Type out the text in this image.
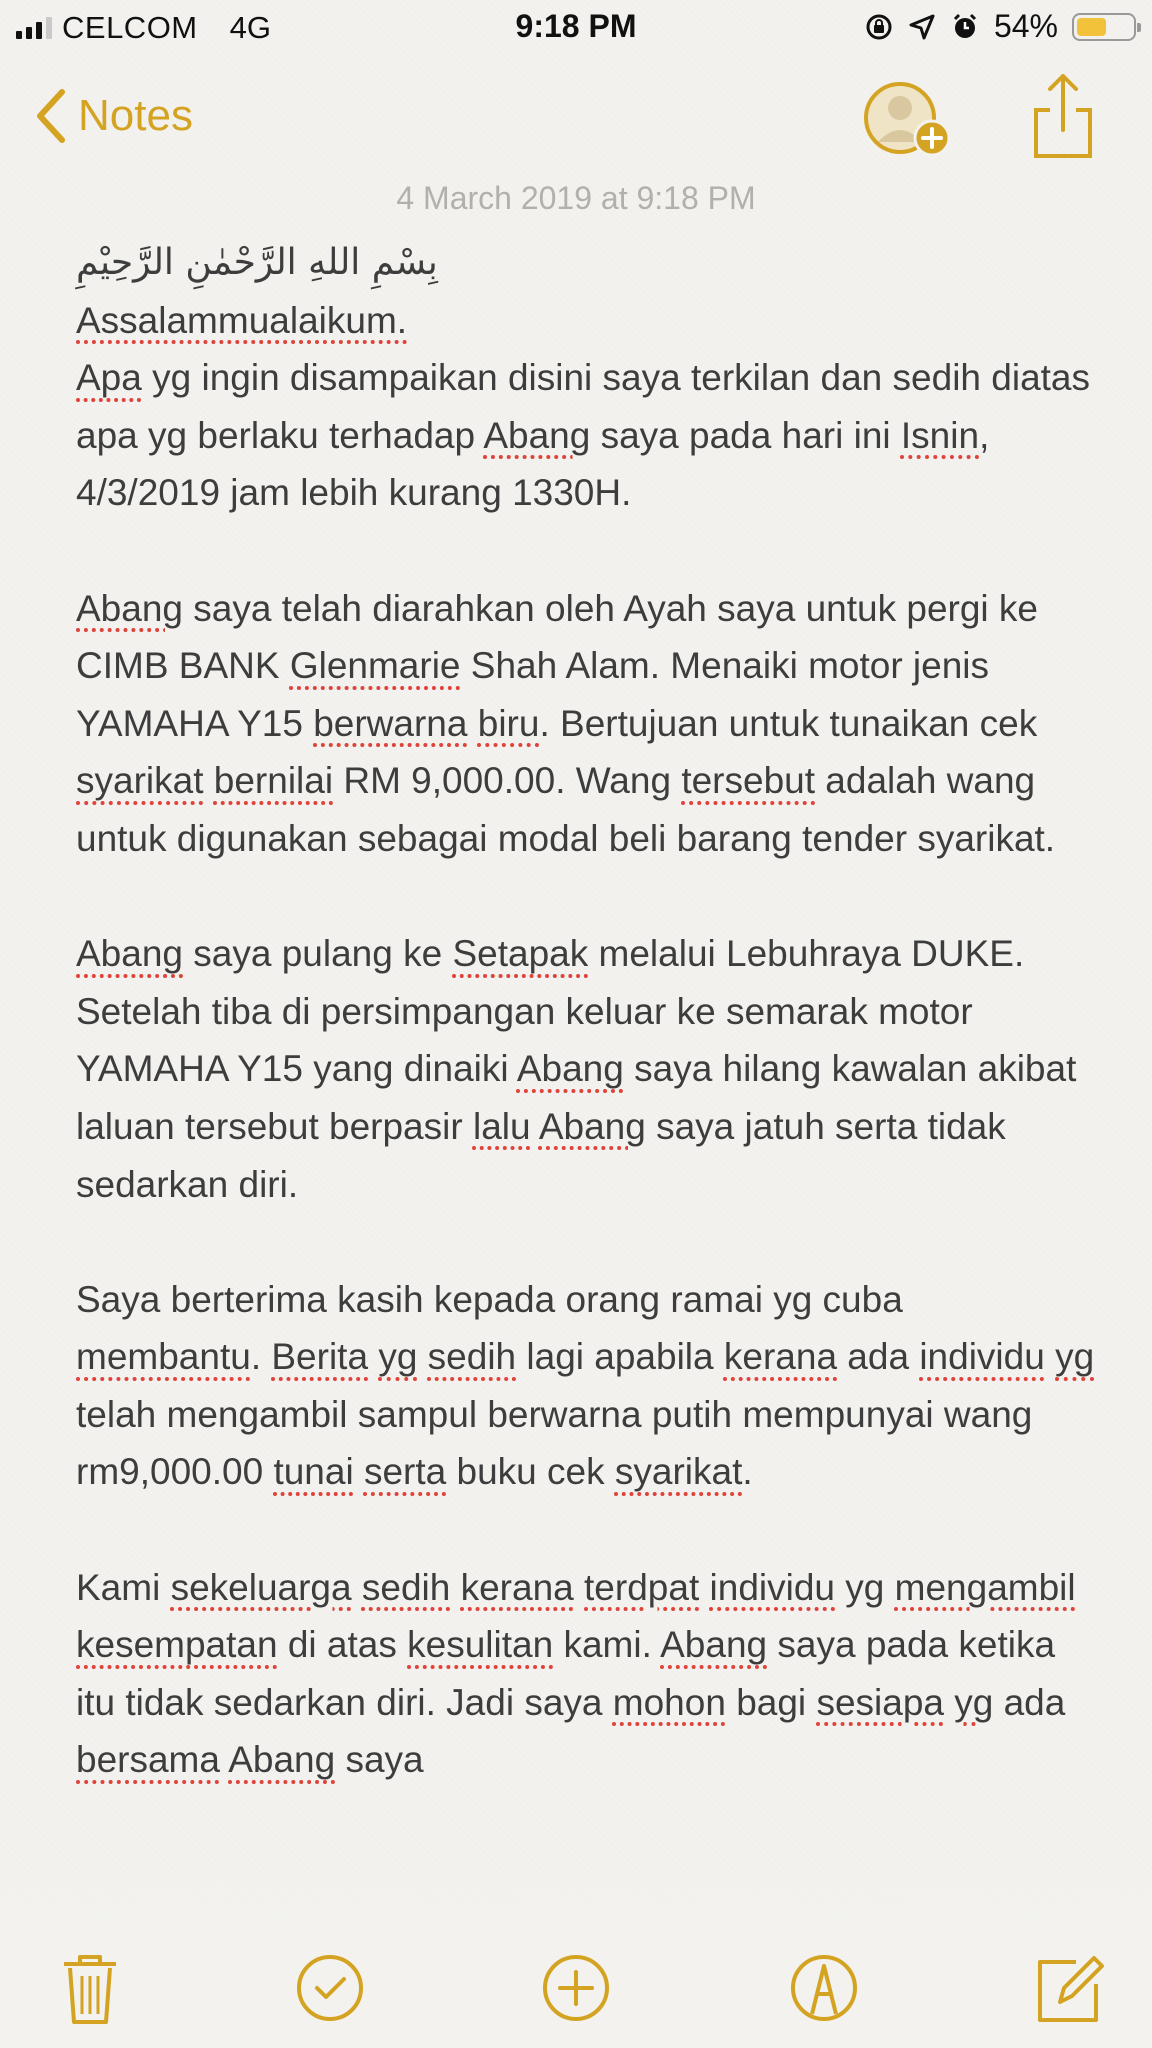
CELCOM 4G	9:18 PM	54%
Notes
4 March 2019 at 9:18 PM

بِسْمِ اللهِ الرَّحْمٰنِ الرَّحِيْمِ

Assalammualaikum.

Apa yg ingin disampaikan disini saya terkilan dan sedih diatas apa yg berlaku terhadap Abang saya pada hari ini Isnin, 4/3/2019 jam lebih kurang 1330H.

Abang saya telah diarahkan oleh Ayah saya untuk pergi ke CIMB BANK Glenmarie Shah Alam. Menaiki motor jenis YAMAHA Y15 berwarna biru. Bertujuan untuk tunaikan cek syarikat bernilai RM 9,000.00. Wang tersebut adalah wang untuk digunakan sebagai modal beli barang tender syarikat.

Abang saya pulang ke Setapak melalui Lebuhraya DUKE. Setelah tiba di persimpangan keluar ke semarak motor YAMAHA Y15 yang dinaiki Abang saya hilang kawalan akibat laluan tersebut berpasir lalu Abang saya jatuh serta tidak sedarkan diri.

Saya berterima kasih kepada orang ramai yg cuba membantu. Berita yg sedih lagi apabila kerana ada individu yg telah mengambil sampul berwarna putih mempunyai wang rm9,000.00 tunai serta buku cek syarikat.

Kami sekeluarga sedih kerana terdpat individu yg mengambil kesempatan di atas kesulitan kami. Abang saya pada ketika itu tidak sedarkan diri. Jadi saya mohon bagi sesiapa yg ada bersama Abang saya
